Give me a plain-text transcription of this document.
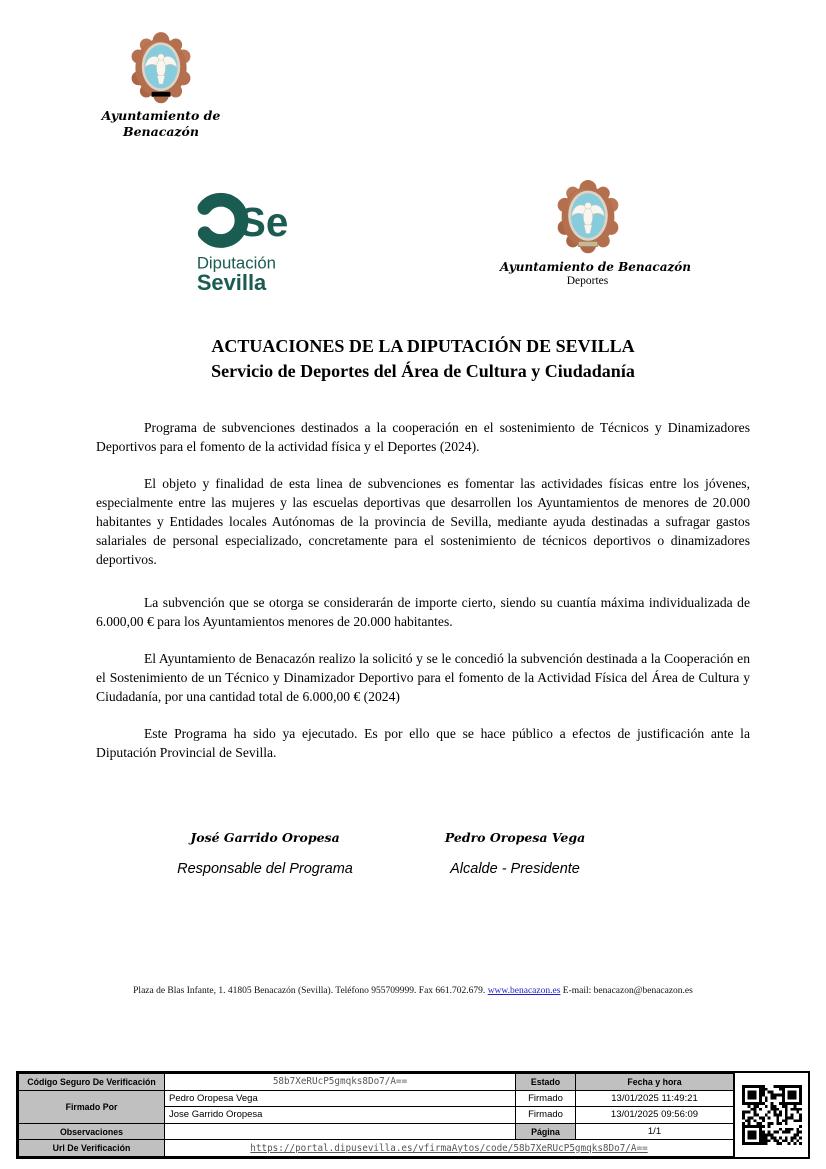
Ayuntamiento de
Benacazón
Se
Diputación
Sevilla
Ayuntamiento de Benacazón
Deportes
ACTUACIONES DE LA DIPUTACIÓN DE SEVILLA
Servicio de Deportes del Área de Cultura y Ciudadanía

Programa de subvenciones destinados a la cooperación en el sostenimiento de Técnicos y Dinamizadores Deportivos para el fomento de la actividad física y el Deportes (2024).

El objeto y finalidad de esta linea de subvenciones es fomentar las actividades físicas entre los jóvenes, especialmente entre las mujeres y las escuelas deportivas que desarrollen los Ayuntamientos de menores de 20.000 habitantes y Entidades locales Autónomas de la provincia de Sevilla, mediante ayuda destinadas a sufragar gastos salariales de personal especializado, concretamente para el sostenimiento de técnicos deportivos o dinamizadores deportivos.

La subvención que se otorga se considerarán de importe cierto, siendo su cuantía máxima individualizada de 6.000,00 € para los Ayuntamientos menores de 20.000 habitantes.

El Ayuntamiento de Benacazón realizo la solicitó y se le concedió la subvención destinada a la Cooperación en el Sostenimiento de un Técnico y Dinamizador Deportivo para el fomento de la Actividad Física del Área de Cultura y Ciudadanía, por una cantidad total de 6.000,00 € (2024)

Este Programa ha sido ya ejecutado. Es por ello que se hace público a efectos de justificación ante la Diputación Provincial de Sevilla.

José Garrido Oropesa
Responsable del Programa
Pedro Oropesa Vega
Alcalde - Presidente
Plaza de Blas Infante, 1. 41805 Benacazón (Sevilla). Teléfono 955709999. Fax 661.702.679. www.benacazon.es E-mail: benacazon@benacazon.es
Código Seguro De Verificación	58b7XeRUcP5gmqks8Do7/A==	Estado	Fecha y hora
Firmado Por	Pedro Oropesa Vega	Firmado	13/01/2025 11:49:21
	Jose Garrido Oropesa	Firmado	13/01/2025 09:56:09
Observaciones		Página	1/1
Url De Verificación	https://portal.dipusevilla.es/vfirmaAytos/code/58b7XeRUcP5gmqks8Do7/A==		
